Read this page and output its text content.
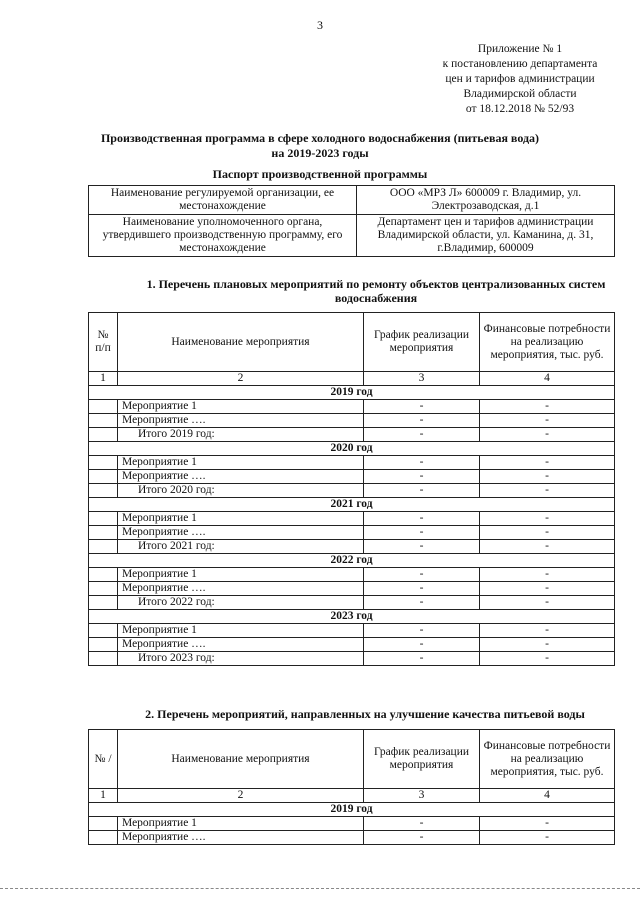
3
Приложение № 1
к постановлению департамента
цен и тарифов администрации
Владимирской области
от 18.12.2018 № 52/93
Производственная программа в сфере холодного водоснабжения (питьевая вода)
на 2019-2023 годы
Паспорт производственной программы
Наименование регулируемой организации, ее местонахождение	ООО «МРЗ Л» 600009 г. Владимир, ул. Электрозаводская, д.1
Наименование уполномоченного органа, утвердившего производственную программу, его местонахождение	Департамент цен и тарифов администрации Владимирской области, ул. Каманина, д. 31, г.Владимир, 600009
1. Перечень плановых мероприятий по ремонту объектов централизованных систем водоснабжения
№ п/п	Наименование мероприятия	График реализации мероприятия	Финансовые потребности на реализацию мероприятия, тыс. руб.
1	2	3	4
2019 год			
	Мероприятие 1	-	-
	Мероприятие ….	-	-
	Итого 2019 год:	-	-
2020 год			
	Мероприятие 1	-	-
	Мероприятие ….	-	-
	Итого 2020 год:	-	-
2021 год			
	Мероприятие 1	-	-
	Мероприятие ….	-	-
	Итого 2021 год:	-	-
2022 год			
	Мероприятие 1	-	-
	Мероприятие ….	-	-
	Итого 2022 год:	-	-
2023 год			
	Мероприятие 1	-	-
	Мероприятие ….	-	-
	Итого 2023 год:	-	-
2. Перечень мероприятий, направленных на улучшение качества питьевой воды
№ /	Наименование мероприятия	График реализации мероприятия	Финансовые потребности на реализацию мероприятия, тыс. руб.
1	2	3	4
2019 год			
	Мероприятие 1	-	-
	Мероприятие ….	-	-
